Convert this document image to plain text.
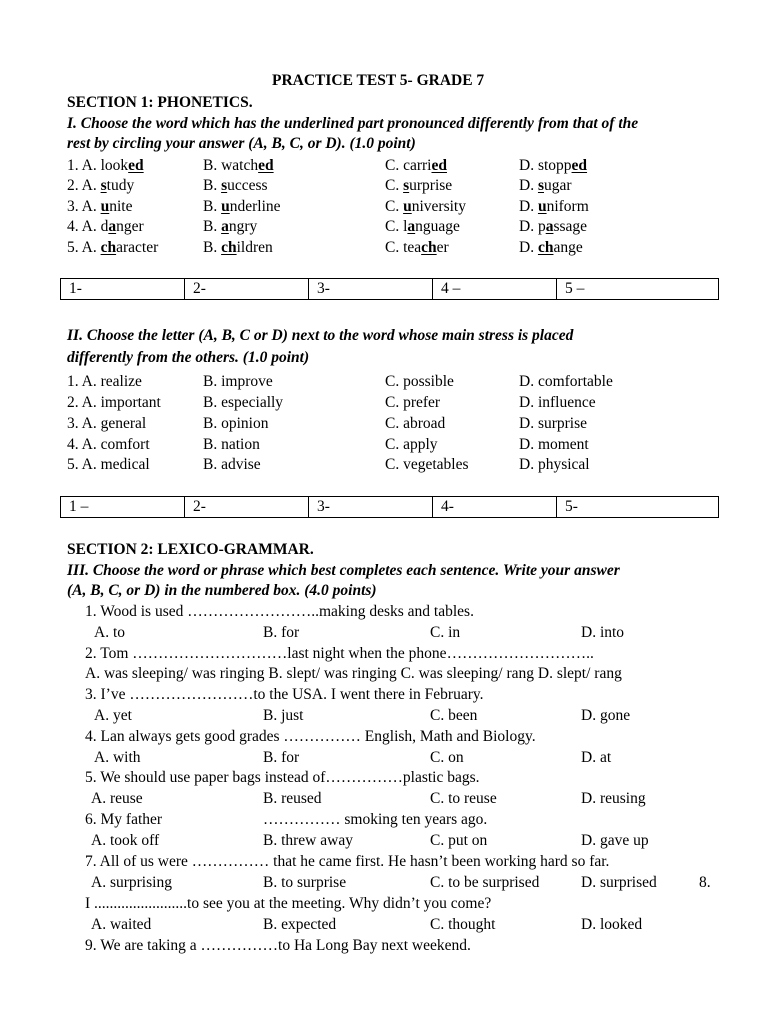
PRACTICE TEST 5- GRADE 7
SECTION 1: PHONETICS.
I. Choose the word which has the underlined part pronounced differently from that of the
rest by circling your answer (A, B, C, or D). (1.0 point)
1. A. looked	B. watched	C. carried	D. stopped
2. A. study	B. success	C. surprise	D. sugar
3. A. unite	B. underline	C. university	D. uniform
4. A. danger	B. angry	C. language	D. passage
5. A. character	B. children	C. teacher	D. change
1-	2-	3-	4 –	5 –
II. Choose the letter (A, B, C or D) next to the word whose main stress is placed
differently from the others. (1.0 point)
1. A. realize	B. improve	C. possible	D. comfortable
2. A. important	B. especially	C. prefer	D. influence
3. A. general	B. opinion	C. abroad	D. surprise
4. A. comfort	B. nation	C. apply	D. moment
5. A. medical	B. advise	C. vegetables	D. physical
1 –	2-	3-	4-	5-
SECTION 2: LEXICO-GRAMMAR.
III. Choose the word or phrase which best completes each sentence. Write your answer
(A, B, C, or D) in the numbered box. (4.0 points)
1. Wood is used ……………………..making desks and tables.
A. to	B. for	C. in	D. into
2. Tom …………………………last night when the phone………………………..
A. was sleeping/ was ringing B. slept/ was ringing C. was sleeping/ rang D. slept/ rang
3. I’ve ……………………to the USA. I went there in February.
A. yet	B. just	C. been	D. gone
4. Lan always gets good grades …………… English, Math and Biology.
A. with	B. for	C. on	D. at
5. We should use paper bags instead of……………plastic bags.
A. reuse	B. reused	C. to reuse	D. reusing
6. My father	…………… smoking ten years ago.
A. took off	B. threw away	C. put on	D. gave up
7. All of us were …………… that he came first. He hasn’t been working hard so far.
A. surprising	B. to surprise	C. to be surprised	D. surprised	8.
I ........................to see you at the meeting. Why didn’t you come?
A. waited	B. expected	C. thought	D. looked
9. We are taking a ……………to Ha Long Bay next weekend.
